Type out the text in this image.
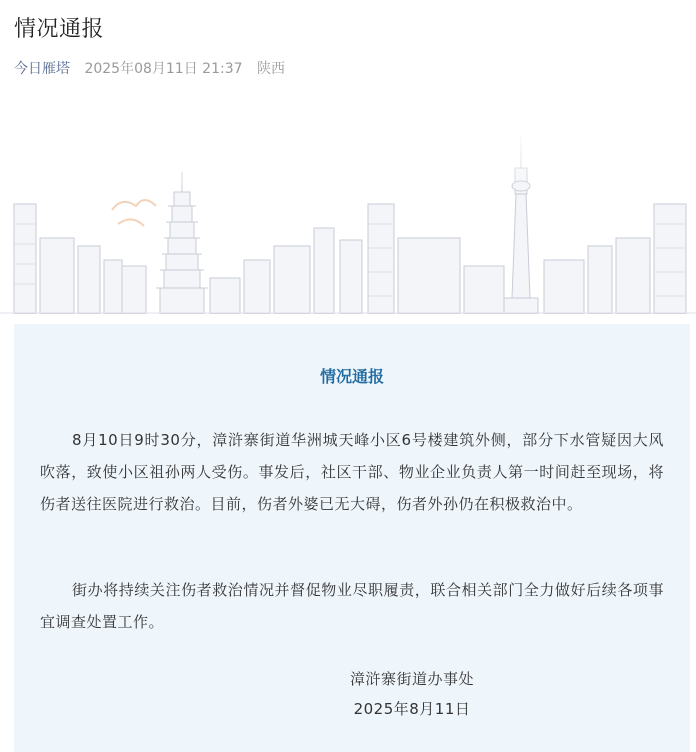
情况通报
今日雁塔 2025年08月11日 21:37 陕西
情况通报

8月10日9时30分，漳浒寨街道华洲城天峰小区6号楼建筑外侧，部分下水管疑因大风吹落，致使小区祖孙两人受伤。事发后，社区干部、物业企业负责人第一时间赶至现场，将伤者送往医院进行救治。目前，伤者外婆已无大碍，伤者外孙仍在积极救治中。

街办将持续关注伤者救治情况并督促物业尽职履责，联合相关部门全力做好后续各项事宜调查处置工作。

漳浒寨街道办事处
2025年8月11日
